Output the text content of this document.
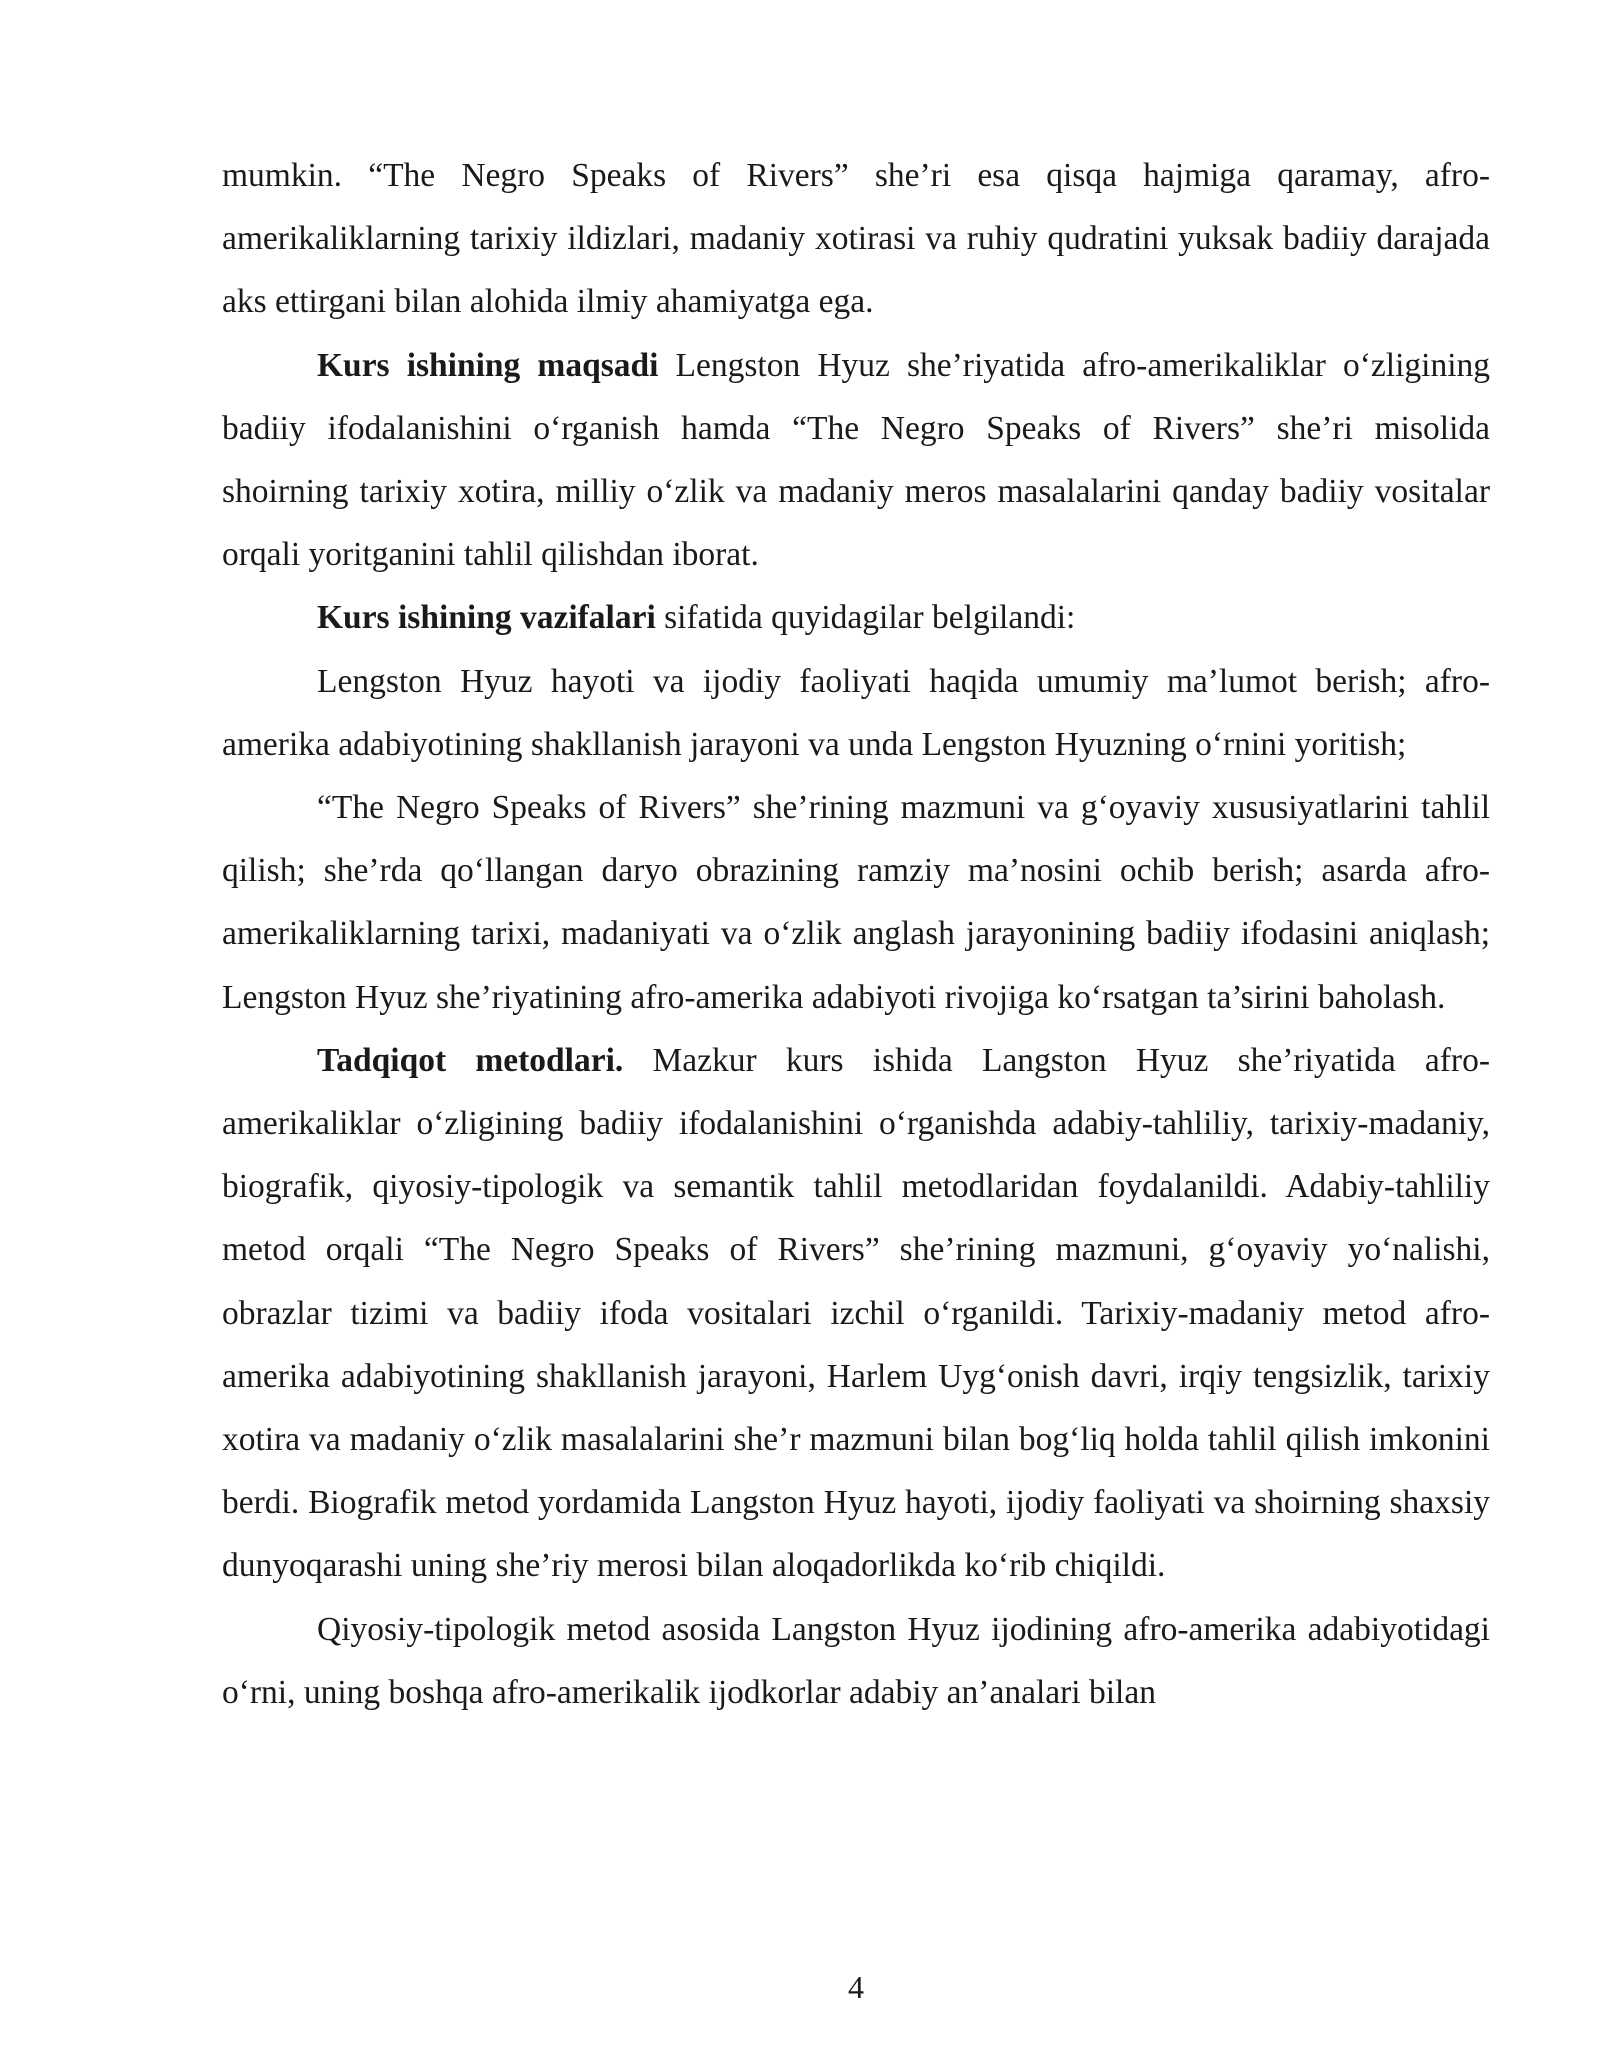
mumkin. “The Negro Speaks of Rivers” she’ri esa qisqa hajmiga qaramay, afro-amerikaliklarning tarixiy ildizlari, madaniy xotirasi va ruhiy qudratini yuksak badiiy darajada aks ettirgani bilan alohida ilmiy ahamiyatga ega.

Kurs ishining maqsadi Lengston Hyuz she’riyatida afro-amerikaliklar o‘zligining badiiy ifodalanishini o‘rganish hamda “The Negro Speaks of Rivers” she’ri misolida shoirning tarixiy xotira, milliy o‘zlik va madaniy meros masalalarini qanday badiiy vositalar orqali yoritganini tahlil qilishdan iborat.

Kurs ishining vazifalari sifatida quyidagilar belgilandi:

Lengston Hyuz hayoti va ijodiy faoliyati haqida umumiy ma’lumot berish; afro-amerika adabiyotining shakllanish jarayoni va unda Lengston Hyuzning o‘rnini yoritish;

“The Negro Speaks of Rivers” she’rining mazmuni va g‘oyaviy xususiyatlarini tahlil qilish; she’rda qo‘llangan daryo obrazining ramziy ma’nosini ochib berish; asarda afro-amerikaliklarning tarixi, madaniyati va o‘zlik anglash jarayonining badiiy ifodasini aniqlash; Lengston Hyuz she’riyatining afro-amerika adabiyoti rivojiga ko‘rsatgan ta’sirini baholash.

Tadqiqot metodlari. Mazkur kurs ishida Langston Hyuz she’riyatida afro-amerikaliklar o‘zligining badiiy ifodalanishini o‘rganishda adabiy-tahliliy, tarixiy-madaniy, biografik, qiyosiy-tipologik va semantik tahlil metodlaridan foydalanildi. Adabiy-tahliliy metod orqali “The Negro Speaks of Rivers” she’rining mazmuni, g‘oyaviy yo‘nalishi, obrazlar tizimi va badiiy ifoda vositalari izchil o‘rganildi. Tarixiy-madaniy metod afro-amerika adabiyotining shakllanish jarayoni, Harlem Uyg‘onish davri, irqiy tengsizlik, tarixiy xotira va madaniy o‘zlik masalalarini she’r mazmuni bilan bog‘liq holda tahlil qilish imkonini berdi. Biografik metod yordamida Langston Hyuz hayoti, ijodiy faoliyati va shoirning shaxsiy dunyoqarashi uning she’riy merosi bilan aloqadorlikda ko‘rib chiqildi.

Qiyosiy-tipologik metod asosida Langston Hyuz ijodining afro-amerika adabiyotidagi o‘rni, uning boshqa afro-amerikalik ijodkorlar adabiy an’analari bilan

4
